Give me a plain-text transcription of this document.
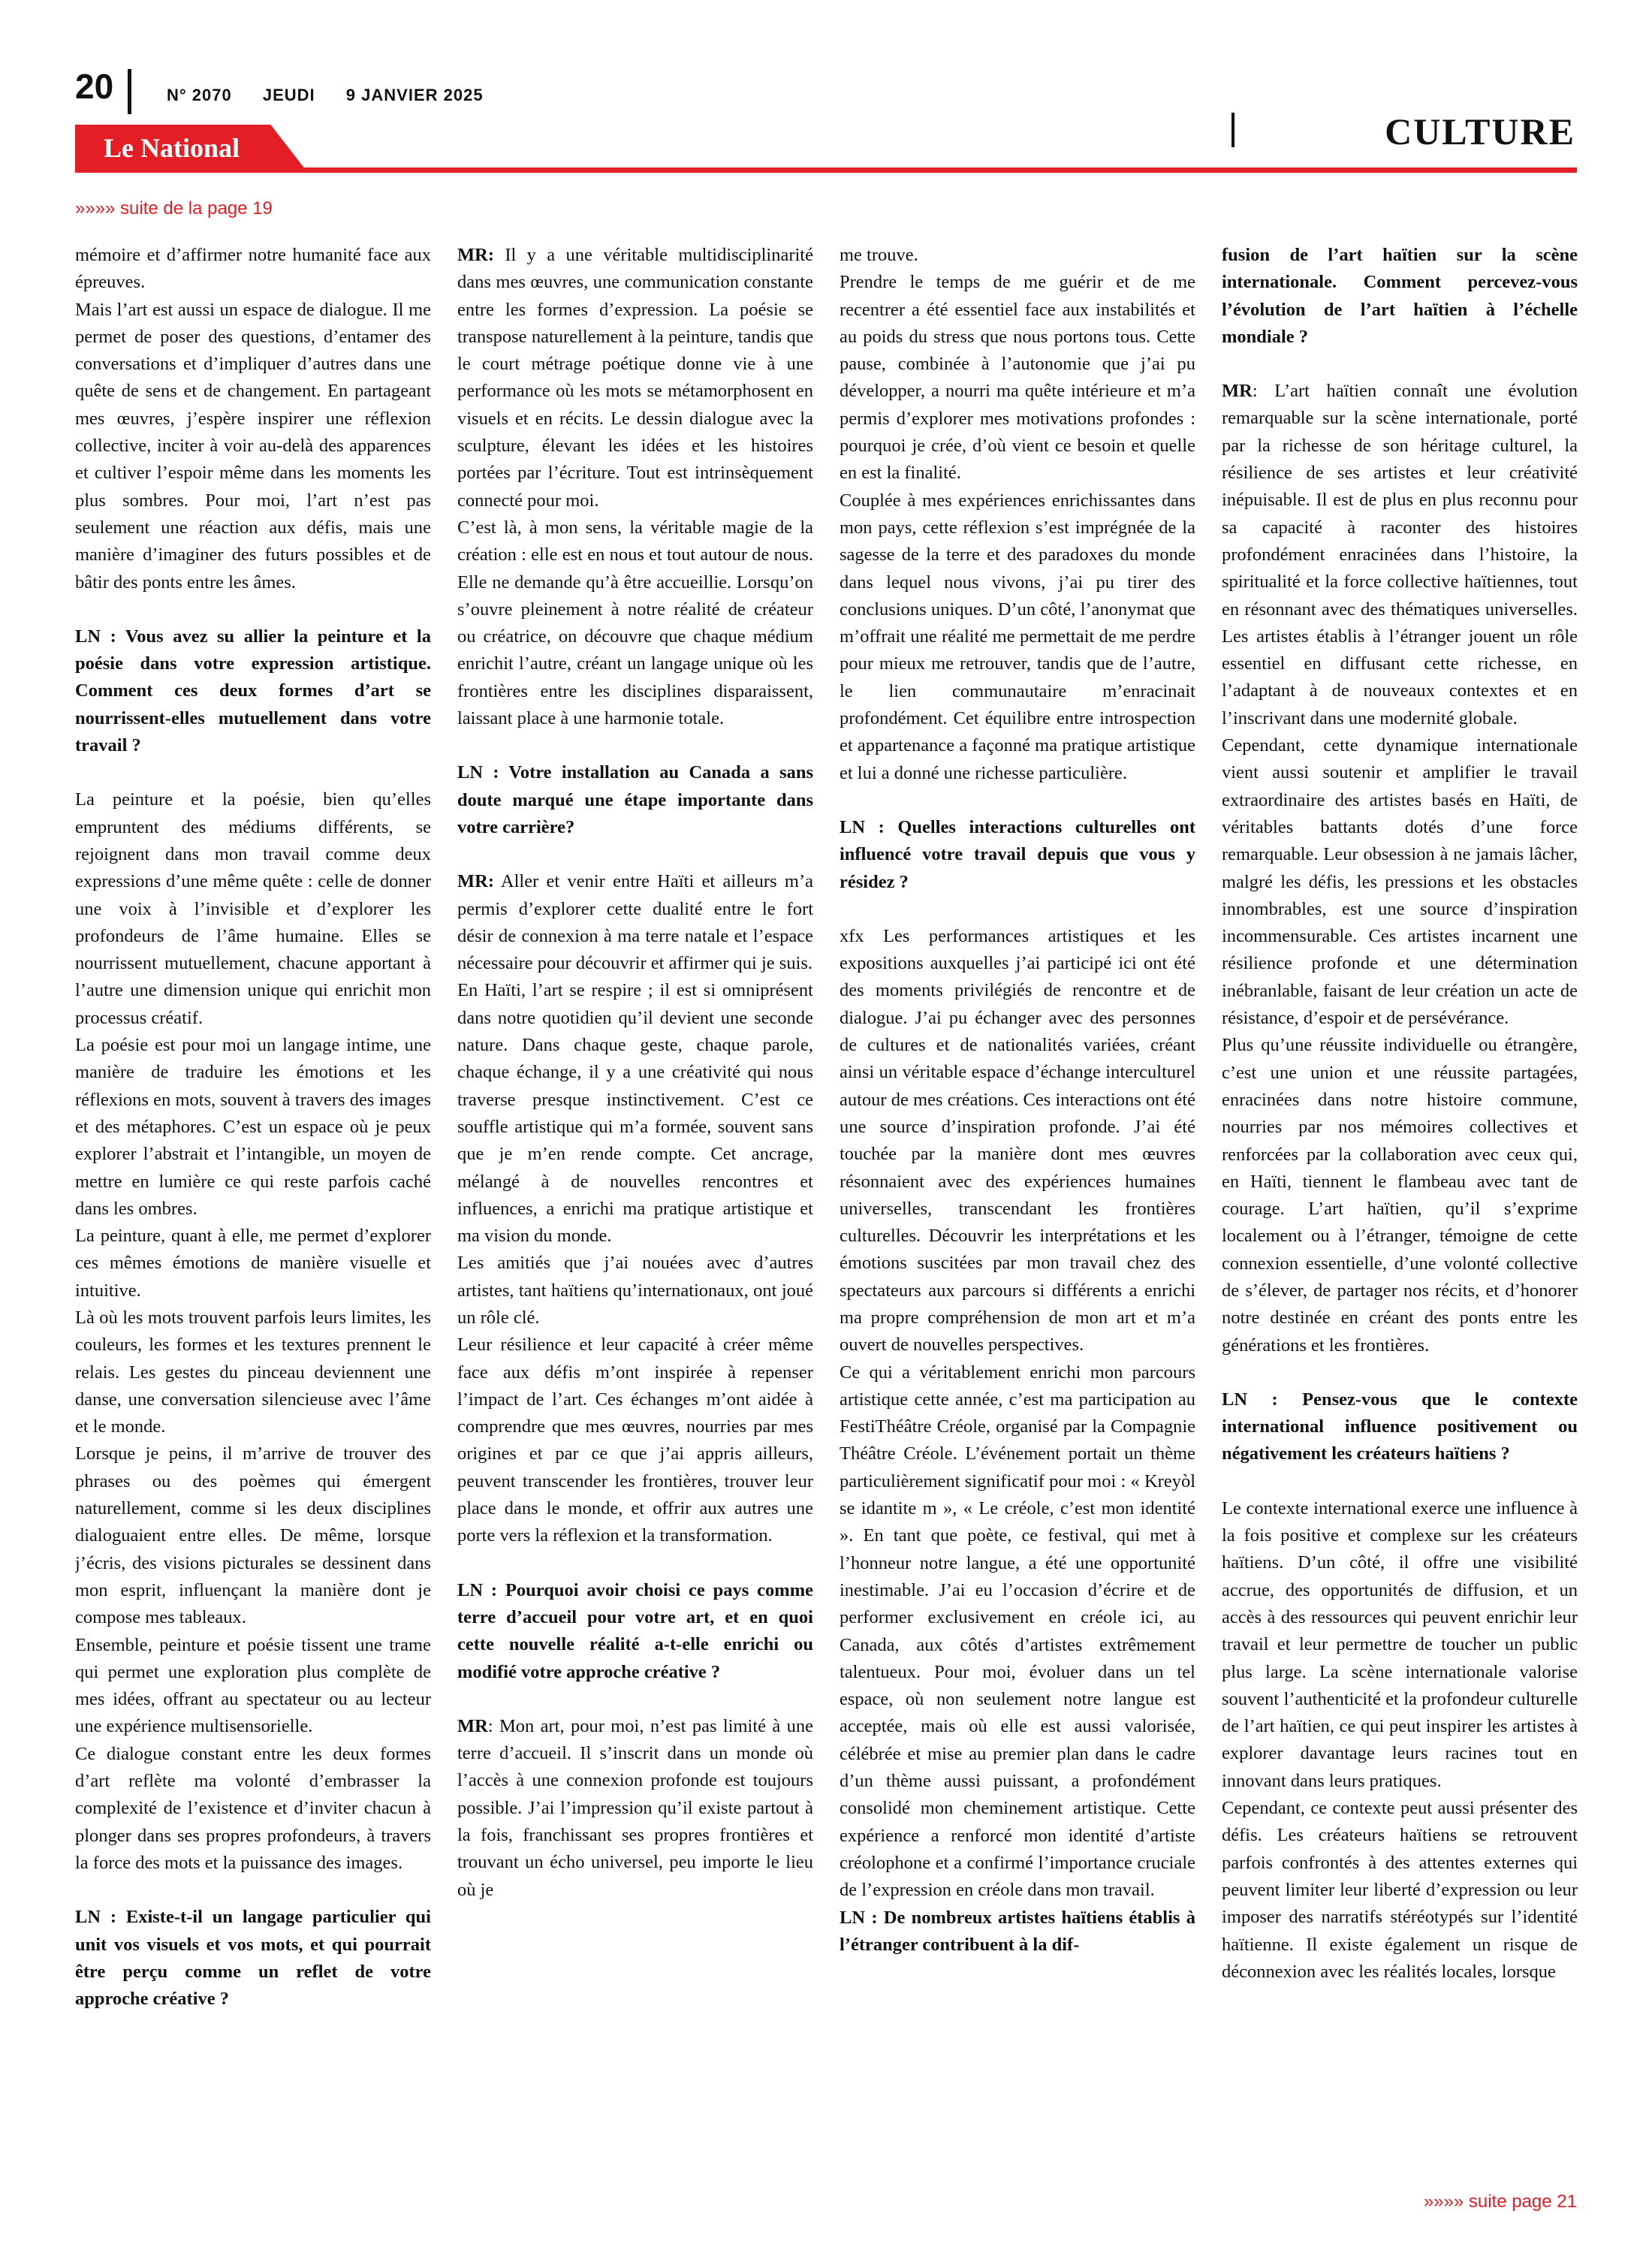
20	N° 2070 JEUDI 9 JANVIER 2025
CULTURE
Le National
»»»» suite de la page 19

mémoire et d’affirmer notre humanité face aux épreuves.

Mais l’art est aussi un espace de dialogue. Il me permet de poser des questions, d’entamer des conversations et d’impliquer d’autres dans une quête de sens et de changement. En partageant mes œuvres, j’espère inspirer une réflexion collective, inciter à voir au-delà des apparences et cultiver l’espoir même dans les moments les plus sombres. Pour moi, l’art n’est pas seulement une réaction aux défis, mais une manière d’imaginer des futurs possibles et de bâtir des ponts entre les âmes.

LN : Vous avez su allier la peinture et la poésie dans votre expression artistique. Comment ces deux formes d’art se nourrissent-elles mutuellement dans votre travail ?

La peinture et la poésie, bien qu’elles empruntent des médiums différents, se rejoignent dans mon travail comme deux expressions d’une même quête : celle de donner une voix à l’invisible et d’explorer les profondeurs de l’âme humaine. Elles se nourrissent mutuellement, chacune apportant à l’autre une dimension unique qui enrichit mon processus créatif.

La poésie est pour moi un langage intime, une manière de traduire les émotions et les réflexions en mots, souvent à travers des images et des métaphores. C’est un espace où je peux explorer l’abstrait et l’intangible, un moyen de mettre en lumière ce qui reste parfois caché dans les ombres.

La peinture, quant à elle, me permet d’explorer ces mêmes émotions de manière visuelle et intuitive.

Là où les mots trouvent parfois leurs limites, les couleurs, les formes et les textures prennent le relais. Les gestes du pinceau deviennent une danse, une conversation silencieuse avec l’âme et le monde.

Lorsque je peins, il m’arrive de trouver des phrases ou des poèmes qui émergent naturellement, comme si les deux disciplines dialoguaient entre elles. De même, lorsque j’écris, des visions picturales se dessinent dans mon esprit, influençant la manière dont je compose mes tableaux.

Ensemble, peinture et poésie tissent une trame qui permet une exploration plus complète de mes idées, offrant au spectateur ou au lecteur une expérience multisensorielle.

Ce dialogue constant entre les deux formes d’art reflète ma volonté d’embrasser la complexité de l’existence et d’inviter chacun à plonger dans ses propres profondeurs, à travers la force des mots et la puissance des images.

LN : Existe-t-il un langage particulier qui unit vos visuels et vos mots, et qui pourrait être perçu comme un reflet de votre approche créative ?

MR: Il y a une véritable multidisciplinarité dans mes œuvres, une communication constante entre les formes d’expression. La poésie se transpose naturellement à la peinture, tandis que le court métrage poétique donne vie à une performance où les mots se métamorphosent en visuels et en récits. Le dessin dialogue avec la sculpture, élevant les idées et les histoires portées par l’écriture. Tout est intrinsèquement connecté pour moi.

C’est là, à mon sens, la véritable magie de la création : elle est en nous et tout autour de nous. Elle ne demande qu’à être accueillie. Lorsqu’on s’ouvre pleinement à notre réalité de créateur ou créatrice, on découvre que chaque médium enrichit l’autre, créant un langage unique où les frontières entre les disciplines disparaissent, laissant place à une harmonie totale.

LN : Votre installation au Canada a sans doute marqué une étape importante dans votre carrière?

MR: Aller et venir entre Haïti et ailleurs m’a permis d’explorer cette dualité entre le fort désir de connexion à ma terre natale et l’espace nécessaire pour découvrir et affirmer qui je suis.

En Haïti, l’art se respire ; il est si omniprésent dans notre quotidien qu’il devient une seconde nature. Dans chaque geste, chaque parole, chaque échange, il y a une créativité qui nous traverse presque instinctivement. C’est ce souffle artistique qui m’a formée, souvent sans que je m’en rende compte. Cet ancrage, mélangé à de nouvelles rencontres et influences, a enrichi ma pratique artistique et ma vision du monde.

Les amitiés que j’ai nouées avec d’autres artistes, tant haïtiens qu’internationaux, ont joué un rôle clé.

Leur résilience et leur capacité à créer même face aux défis m’ont inspirée à repenser l’impact de l’art. Ces échanges m’ont aidée à comprendre que mes œuvres, nourries par mes origines et par ce que j’ai appris ailleurs, peuvent transcender les frontières, trouver leur place dans le monde, et offrir aux autres une porte vers la réflexion et la transformation.

LN : Pourquoi avoir choisi ce pays comme terre d’accueil pour votre art, et en quoi cette nouvelle réalité a-t-elle enrichi ou modifié votre approche créative ?

MR: Mon art, pour moi, n’est pas limité à une terre d’accueil. Il s’inscrit dans un monde où l’accès à une connexion profonde est toujours possible. J’ai l’impression qu’il existe partout à la fois, franchissant ses propres frontières et trouvant un écho universel, peu importe le lieu où je

me trouve.

Prendre le temps de me guérir et de me recentrer a été essentiel face aux instabilités et au poids du stress que nous portons tous. Cette pause, combinée à l’autonomie que j’ai pu développer, a nourri ma quête intérieure et m’a permis d’explorer mes motivations profondes : pourquoi je crée, d’où vient ce besoin et quelle en est la finalité.

Couplée à mes expériences enrichissantes dans mon pays, cette réflexion s’est imprégnée de la sagesse de la terre et des paradoxes du monde dans lequel nous vivons, j’ai pu tirer des conclusions uniques. D’un côté, l’anonymat que m’offrait une réalité me permettait de me perdre pour mieux me retrouver, tandis que de l’autre, le lien communautaire m’enracinait profondément. Cet équilibre entre introspection et appartenance a façonné ma pratique artistique et lui a donné une richesse particulière.

LN : Quelles interactions culturelles ont influencé votre travail depuis que vous y résidez ?

xfx Les performances artistiques et les expositions auxquelles j’ai participé ici ont été des moments privilégiés de rencontre et de dialogue. J’ai pu échanger avec des personnes de cultures et de nationalités variées, créant ainsi un véritable espace d’échange interculturel autour de mes créations. Ces interactions ont été une source d’inspiration profonde. J’ai été touchée par la manière dont mes œuvres résonnaient avec des expériences humaines universelles, transcendant les frontières culturelles. Découvrir les interprétations et les émotions suscitées par mon travail chez des spectateurs aux parcours si différents a enrichi ma propre compréhension de mon art et m’a ouvert de nouvelles perspectives.

Ce qui a véritablement enrichi mon parcours artistique cette année, c’est ma participation au FestiThéâtre Créole, organisé par la Compagnie Théâtre Créole. L’événement portait un thème particulièrement significatif pour moi : « Kreyòl se idantite m », « Le créole, c’est mon identité ». En tant que poète, ce festival, qui met à l’honneur notre langue, a été une opportunité inestimable. J’ai eu l’occasion d’écrire et de performer exclusivement en créole ici, au Canada, aux côtés d’artistes extrêmement talentueux. Pour moi, évoluer dans un tel espace, où non seulement notre langue est acceptée, mais où elle est aussi valorisée, célébrée et mise au premier plan dans le cadre d’un thème aussi puissant, a profondément consolidé mon cheminement artistique. Cette expérience a renforcé mon identité d’artiste créolophone et a confirmé l’importance cruciale de l’expression en créole dans mon travail.

LN : De nombreux artistes haïtiens établis à l’étranger contribuent à la dif-

fusion de l’art haïtien sur la scène internationale. Comment percevez-vous l’évolution de l’art haïtien à l’échelle mondiale ?

MR: L’art haïtien connaît une évolution remarquable sur la scène internationale, porté par la richesse de son héritage culturel, la résilience de ses artistes et leur créativité inépuisable. Il est de plus en plus reconnu pour sa capacité à raconter des histoires profondément enracinées dans l’histoire, la spiritualité et la force collective haïtiennes, tout en résonnant avec des thématiques universelles. Les artistes établis à l’étranger jouent un rôle essentiel en diffusant cette richesse, en l’adaptant à de nouveaux contextes et en l’inscrivant dans une modernité globale.

Cependant, cette dynamique internationale vient aussi soutenir et amplifier le travail extraordinaire des artistes basés en Haïti, de véritables battants dotés d’une force remarquable. Leur obsession à ne jamais lâcher, malgré les défis, les pressions et les obstacles innombrables, est une source d’inspiration incommensurable. Ces artistes incarnent une résilience profonde et une détermination inébranlable, faisant de leur création un acte de résistance, d’espoir et de persévérance.

Plus qu’une réussite individuelle ou étrangère, c’est une union et une réussite partagées, enracinées dans notre histoire commune, nourries par nos mémoires collectives et renforcées par la collaboration avec ceux qui, en Haïti, tiennent le flambeau avec tant de courage. L’art haïtien, qu’il s’exprime localement ou à l’étranger, témoigne de cette connexion essentielle, d’une volonté collective de s’élever, de partager nos récits, et d’honorer notre destinée en créant des ponts entre les générations et les frontières.

LN : Pensez-vous que le contexte international influence positivement ou négativement les créateurs haïtiens ?

Le contexte international exerce une influence à la fois positive et complexe sur les créateurs haïtiens. D’un côté, il offre une visibilité accrue, des opportunités de diffusion, et un accès à des ressources qui peuvent enrichir leur travail et leur permettre de toucher un public plus large. La scène internationale valorise souvent l’authenticité et la profondeur culturelle de l’art haïtien, ce qui peut inspirer les artistes à explorer davantage leurs racines tout en innovant dans leurs pratiques.

Cependant, ce contexte peut aussi présenter des défis. Les créateurs haïtiens se retrouvent parfois confrontés à des attentes externes qui peuvent limiter leur liberté d’expression ou leur imposer des narratifs stéréotypés sur l’identité haïtienne. Il existe également un risque de déconnexion avec les réalités locales, lorsque

»»»» suite page 21
